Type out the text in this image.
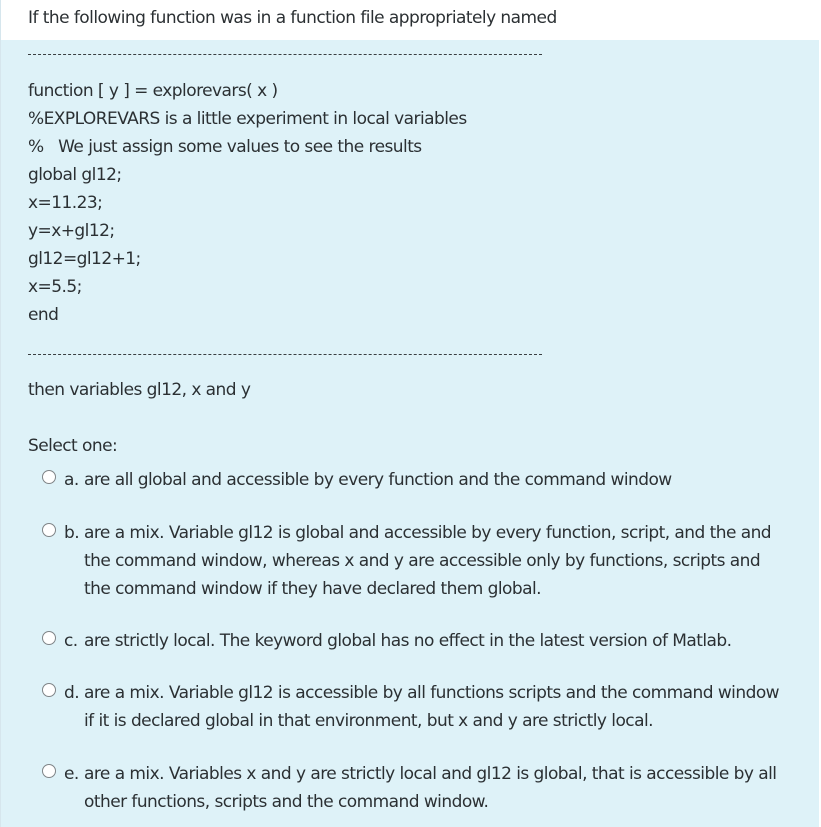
If the following function was in a function file appropriately named
function [ y ] = explorevars( x )
%EXPLOREVARS is a little experiment in local variables
%   We just assign some values to see the results
global gl12;
x=11.23;
y=x+gl12;
gl12=gl12+1;
x=5.5;
end
then variables gl12, x and y
Select one:
a. are all global and accessible by every function and the command window
b. are a mix. Variable gl12 is global and accessible by every function, script, and the and
the command window, whereas x and y are accessible only by functions, scripts and
the command window if they have declared them global.
c. are strictly local. The keyword global has no effect in the latest version of Matlab.
d. are a mix. Variable gl12 is accessible by all functions scripts and the command window
if it is declared global in that environment, but x and y are strictly local.
e. are a mix. Variables x and y are strictly local and gl12 is global, that is accessible by all
other functions, scripts and the command window.
